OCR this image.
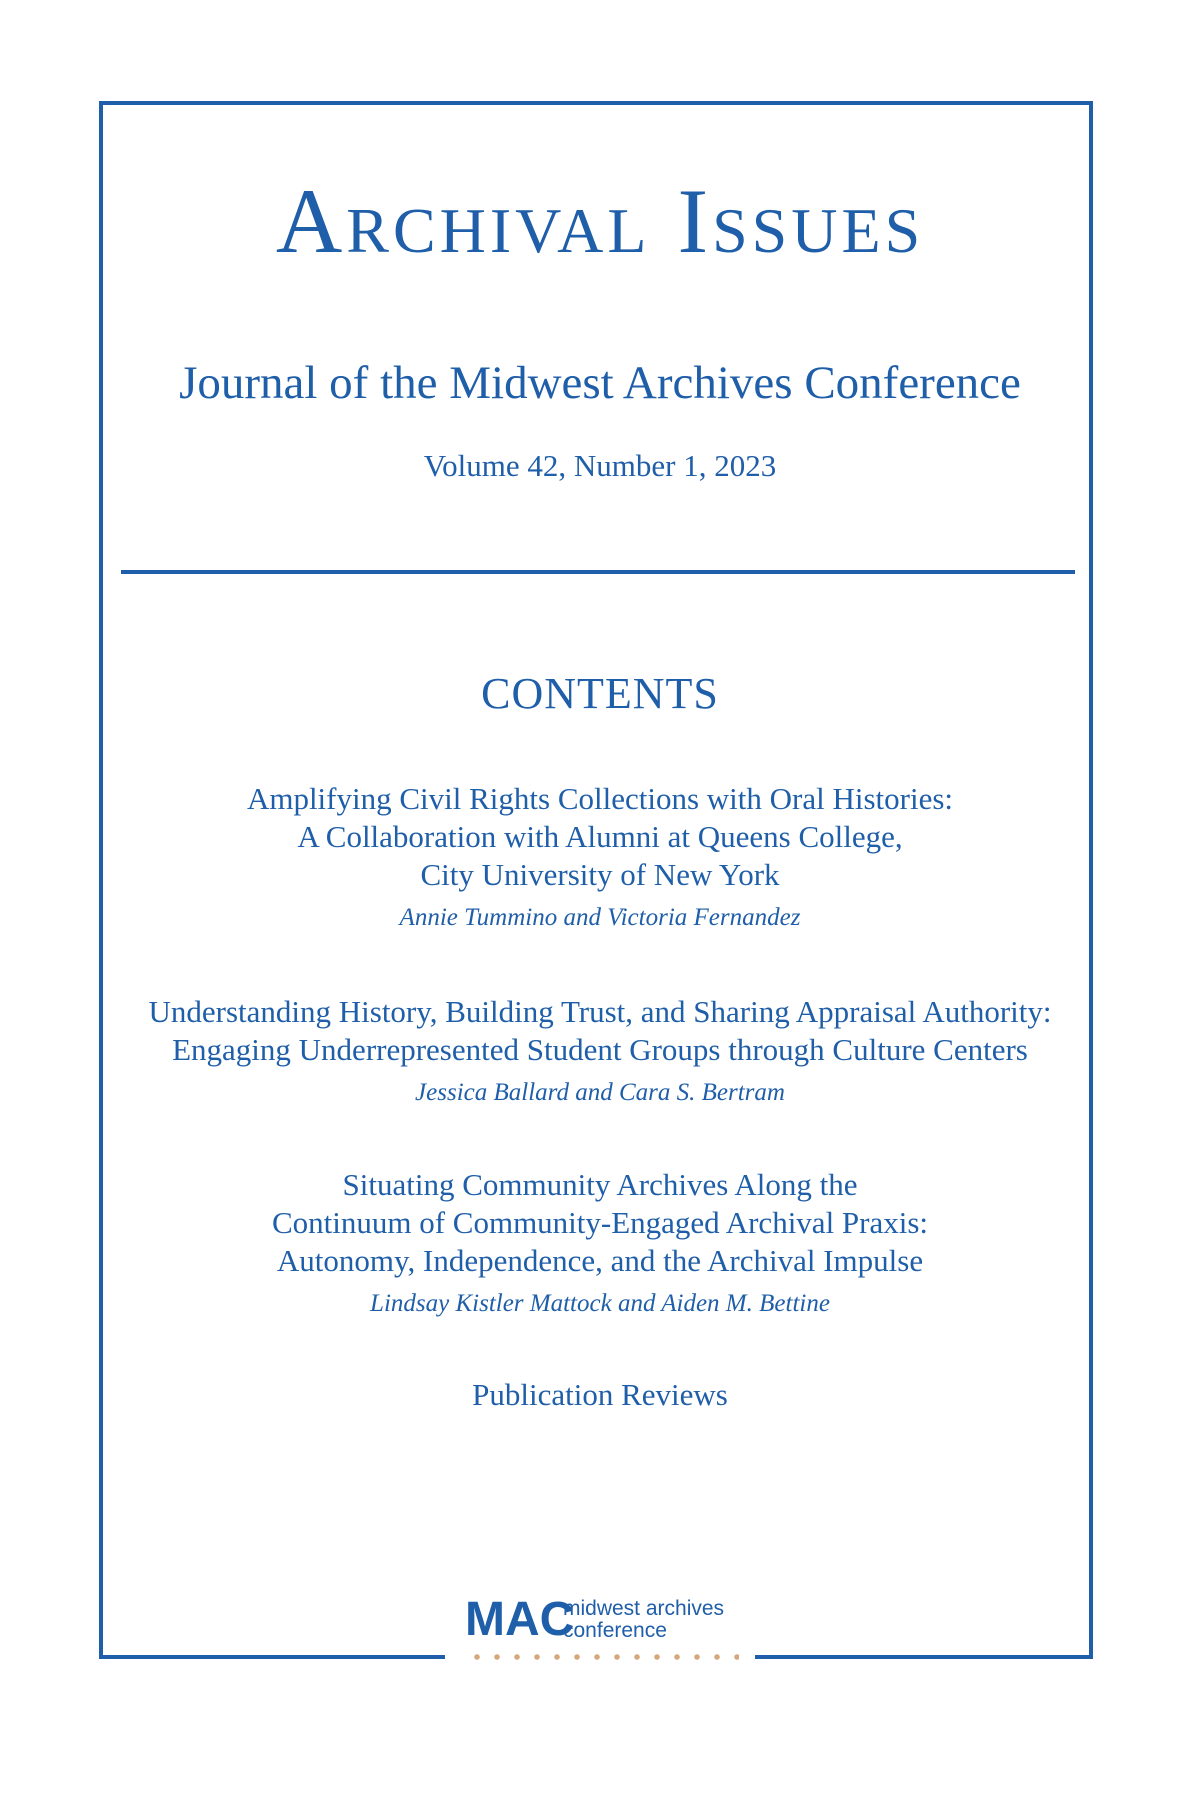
Archival Issues
Journal of the Midwest Archives Conference
Volume 42, Number 1, 2023
CONTENTS
Amplifying Civil Rights Collections with Oral Histories:
A Collaboration with Alumni at Queens College,
City University of New York
Annie Tummino and Victoria Fernandez
Understanding History, Building Trust, and Sharing Appraisal Authority:
Engaging Underrepresented Student Groups through Culture Centers
Jessica Ballard and Cara S. Bertram
Situating Community Archives Along the
Continuum of Community-Engaged Archival Praxis:
Autonomy, Independence, and the Archival Impulse
Lindsay Kistler Mattock and Aiden M. Bettine
Publication Reviews
MAC
midwest archives
conference
